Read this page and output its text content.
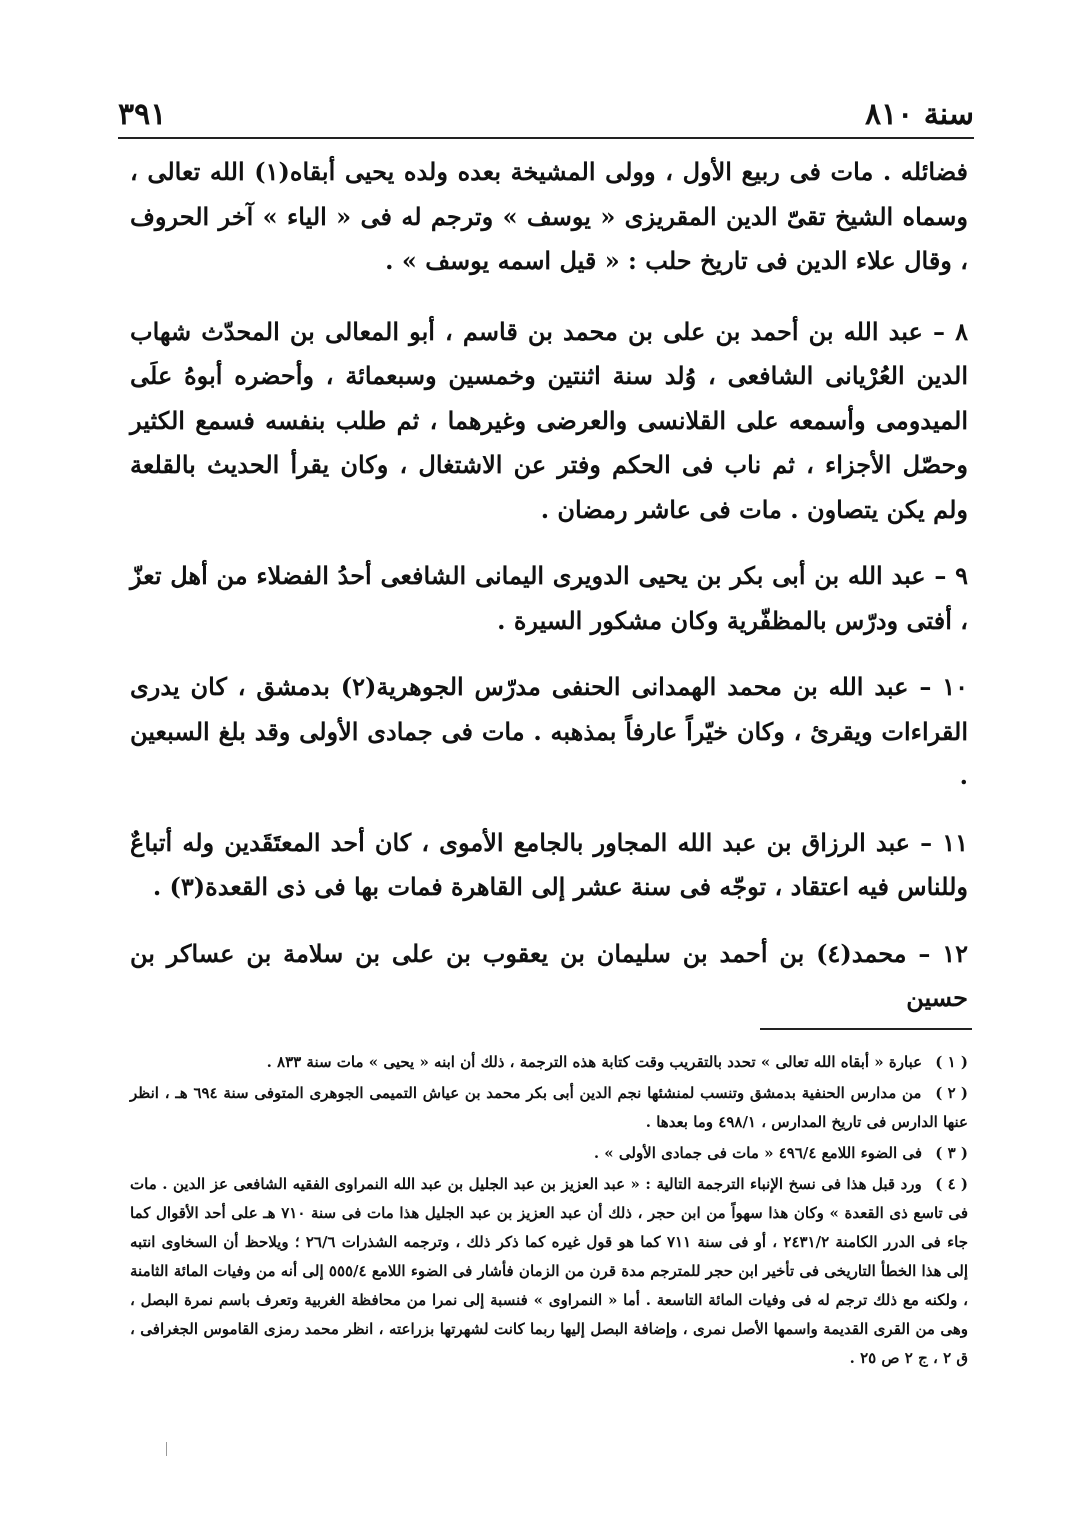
٣٩١	سنة ٨١٠

فضائله . مات فى ربيع الأول ، وولى المشيخة بعده ولده يحيى أبقاه(١) الله تعالى ، وسماه الشيخ تقىّ الدين المقريزى « يوسف » وترجم له فى « الياء » آخر الحروف ، وقال علاء الدين فى تاريخ حلب : « قيل اسمه يوسف » .

٨ – عبد الله بن أحمد بن على بن محمد بن قاسم ، أبو المعالى بن المحدّث شهاب الدين العُرْيانى الشافعى ، وُلد سنة اثنتين وخمسين وسبعمائة ، وأحضره أبوهُ علَى الميدومى وأسمعه على القلانسى والعرضى وغيرهما ، ثم طلب بنفسه فسمع الكثير وحصّل الأجزاء ، ثم ناب فى الحكم وفتر عن الاشتغال ، وكان يقرأ الحديث بالقلعة ولم يكن يتصاون . مات فى عاشر رمضان .

٩ – عبد الله بن أبى بكر بن يحيى الدويرى اليمانى الشافعى أحدُ الفضلاء من أهل تعزّ ، أفتى ودرّس بالمظفّرية وكان مشكور السيرة .

١٠ – عبد الله بن محمد الهمدانى الحنفى مدرّس الجوهرية(٢) بدمشق ، كان يدرى القراءات ويقرئ ، وكان خيّراً عارفاً بمذهبه . مات فى جمادى الأولى وقد بلغ السبعين .

١١ – عبد الرزاق بن عبد الله المجاور بالجامع الأموى ، كان أحد المعتَقَدين وله أتباعٌ وللناس فيه اعتقاد ، توجّه فى سنة عشر إلى القاهرة فمات بها فى ذى القعدة(٣) .

١٢ – محمد(٤) بن أحمد بن سليمان بن يعقوب بن على بن سلامة بن عساكر بن حسين

( ١ ) عبارة « أبقاه الله تعالى » تحدد بالتقريب وقت كتابة هذه الترجمة ، ذلك أن ابنه « يحيى » مات سنة ٨٣٣ .

( ٢ ) من مدارس الحنفية بدمشق وتنسب لمنشئها نجم الدين أبى بكر محمد بن عياش التميمى الجوهرى المتوفى سنة ٦٩٤ هـ ، انظر عنها الدارس فى تاريخ المدارس ، ٤٩٨/١ وما بعدها .

( ٣ ) فى الضوء اللامع ٤٩٦/٤ « مات فى جمادى الأولى » .

( ٤ ) ورد قبل هذا فى نسخ الإنباء الترجمة التالية : « عبد العزيز بن عبد الجليل بن عبد الله النمراوى الفقيه الشافعى عز الدين . مات فى تاسع ذى القعدة » وكان هذا سهواً من ابن حجر ، ذلك أن عبد العزيز بن عبد الجليل هذا مات فى سنة ٧١٠ هـ على أحد الأقوال كما جاء فى الدرر الكامنة ٢٤٣١/٢ ، أو فى سنة ٧١١ كما هو قول غيره كما ذكر ذلك ، وترجمه الشذرات ٢٦/٦ ؛ ويلاحظ أن السخاوى انتبه إلى هذا الخطأ التاريخى فى تأخير ابن حجر للمترجم مدة قرن من الزمان فأشار فى الضوء اللامع ٥٥٥/٤ إلى أنه من وفيات المائة الثامنة ، ولكنه مع ذلك ترجم له فى وفيات المائة التاسعة . أما « النمراوى » فنسبة إلى نمرا من محافظة الغربية وتعرف باسم نمرة البصل ، وهى من القرى القديمة واسمها الأصل نمرى ، وإضافة البصل إليها ربما كانت لشهرتها بزراعته ، انظر محمد رمزى القاموس الجغرافى ، ق ٢ ، ج ٢ ص ٢٥ .
